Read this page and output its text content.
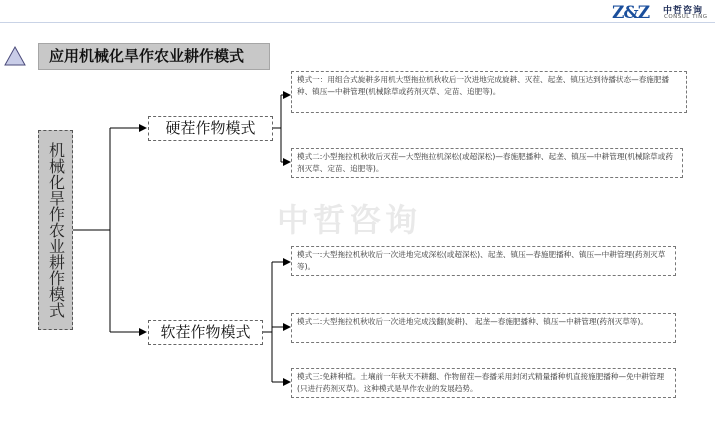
Z&Z 中哲咨询
CONSUL TING
应用机械化旱作农业耕作模式
中哲咨询
机械化旱作农业耕作模式
硬茬作物模式
软茬作物模式
模式一：用组合式旋耕多用机大型拖拉机秋收后一次进地完成旋耕、灭茬、起垄、镇压达到待播状态—春施肥播种、镇压—中耕管理(机械除草或药剂灭草、定苗、追肥等)。
模式二:小型拖拉机秋收后灭茬—大型拖拉机深松(或超深松)—春施肥播种、起垄、镇压—中耕管理(机械除草或药剂灭草、定苗、追肥等)。
模式一:大型拖拉机秋收后一次进地完成深松(或超深松)、起垄、镇压—春施肥播种、镇压—中耕管理(药剂灭草等)。
模式二:大型拖拉机秋收后一次进地完成浅翻(旋耕)、 起垄—春施肥播种、镇压—中耕管理(药剂灭草等)。
模式三:免耕种植。土壤前一年秋天不耕翻、作物留茬—春播采用封闭式精量播种机直接施肥播种—免中耕管理(只进行药剂灭草)。这种模式是旱作农业的发展趋势。
